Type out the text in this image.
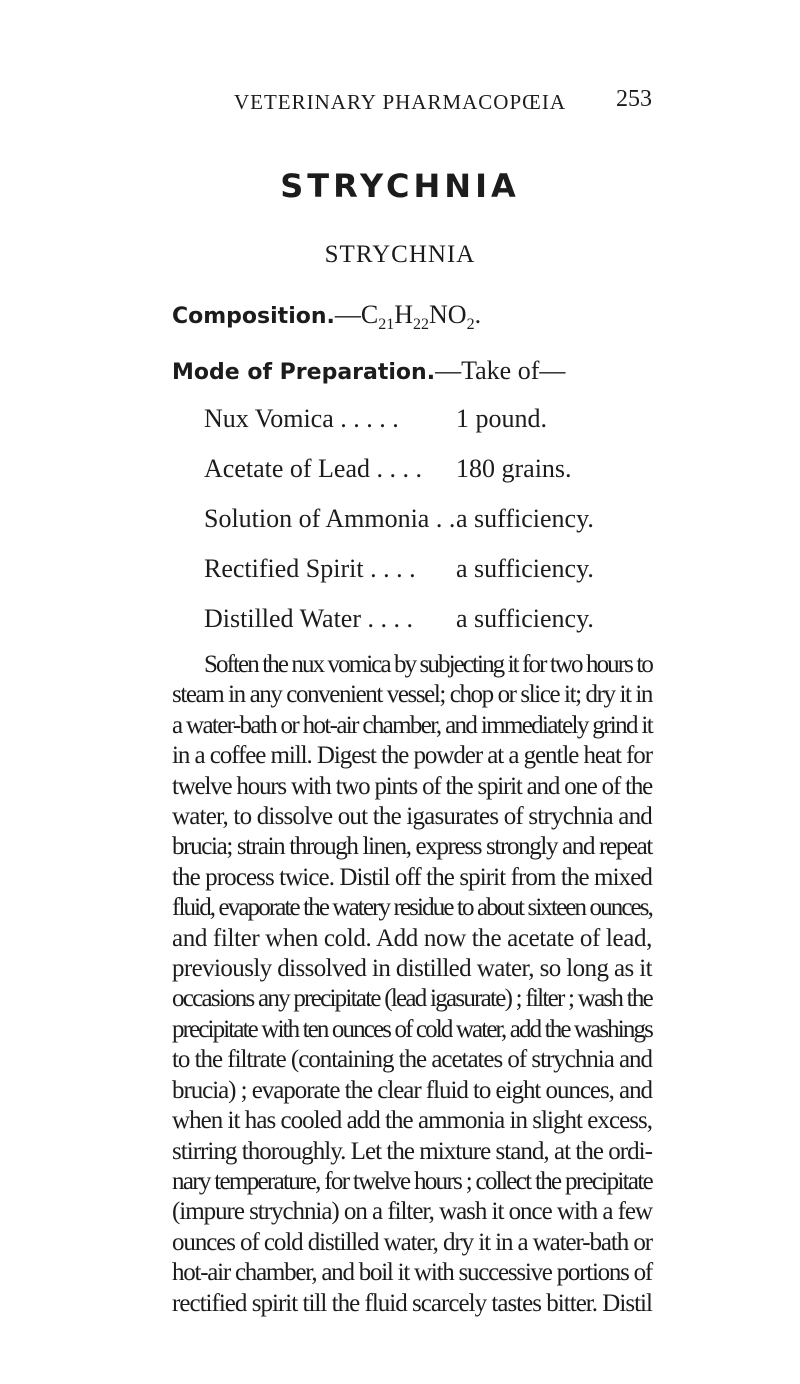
VETERINARY PHARMACOPŒIA	253
STRYCHNIA
STRYCHNIA
$Composition.—C_{21}H_{22}NO_2$.
Mode of Preparation.—Take of—
Nux Vomica . . . . . 1 pound.
Acetate of Lead . . . . 180 grains.
Solution of Ammonia . . a sufficiency.
Rectified Spirit . . . . a sufficiency.
Distilled Water . . . . a sufficiency.
Soften the nux vomica by subjecting it for two hours to
steam in any convenient vessel; chop or slice it; dry it in
a water-bath or hot-air chamber, and immediately grind it
in a coffee mill. Digest the powder at a gentle heat for
twelve hours with two pints of the spirit and one of the
water, to dissolve out the igasurates of strychnia and
brucia; strain through linen, express strongly and repeat
the process twice. Distil off the spirit from the mixed
fluid, evaporate the watery residue to about sixteen ounces,
and filter when cold. Add now the acetate of lead,
previously dissolved in distilled water, so long as it
occasions any precipitate (lead igasurate) ; filter ; wash the
precipitate with ten ounces of cold water, add the washings
to the filtrate (containing the acetates of strychnia and
brucia) ; evaporate the clear fluid to eight ounces, and
when it has cooled add the ammonia in slight excess,
stirring thoroughly. Let the mixture stand, at the ordi-
nary temperature, for twelve hours ; collect the precipitate
(impure strychnia) on a filter, wash it once with a few
ounces of cold distilled water, dry it in a water-bath or
hot-air chamber, and boil it with successive portions of
rectified spirit till the fluid scarcely tastes bitter. Distil
